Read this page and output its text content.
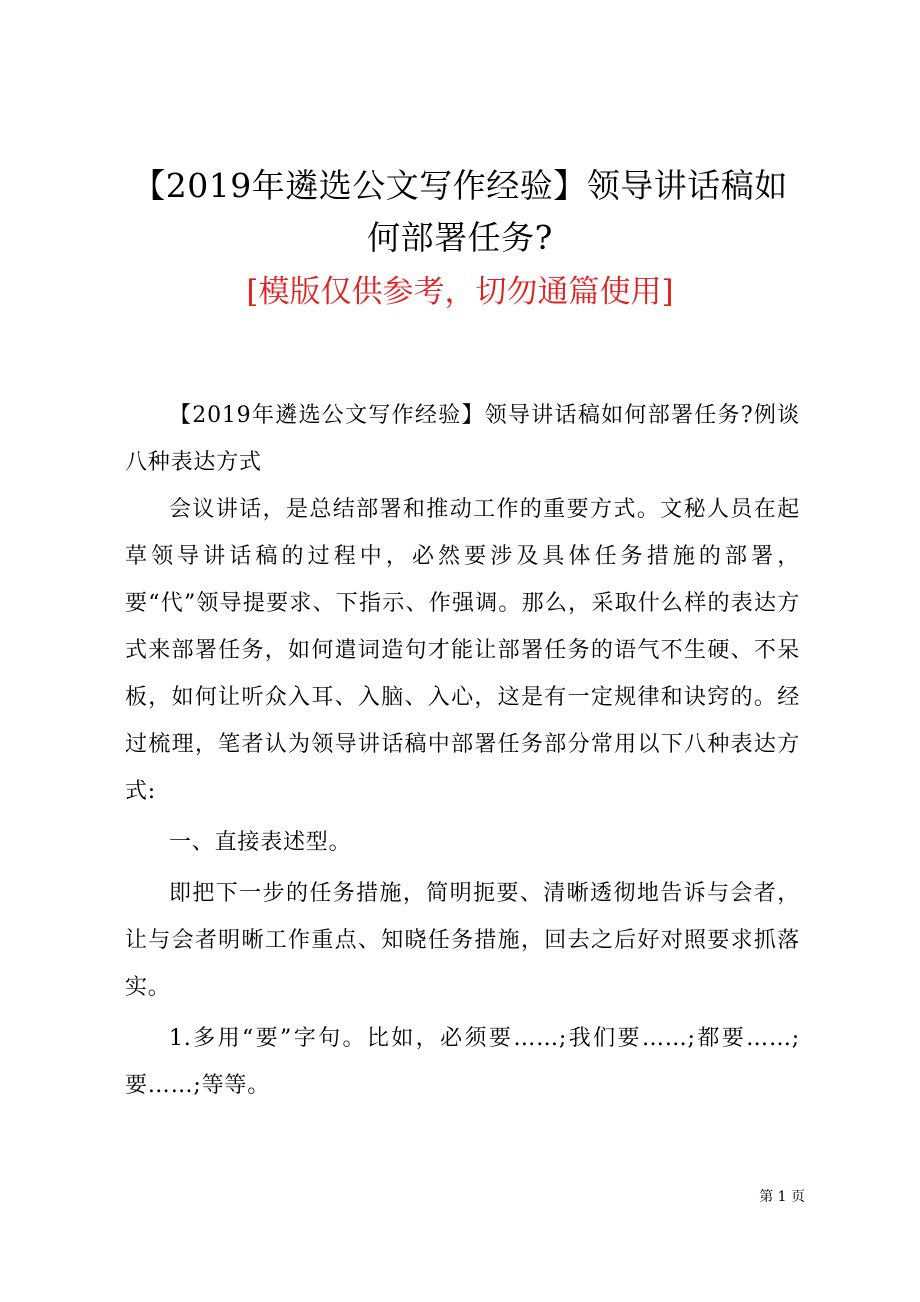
【2019年遴选公文写作经验】领导讲话稿如
何部署任务?
[模版仅供参考，切勿通篇使用]

【2019年遴选公文写作经验】领导讲话稿如何部署任务?例谈八种表达方式

会议讲话，是总结部署和推动工作的重要方式。文秘人员在起草领导讲话稿的过程中，必然要涉及具体任务措施的部署，要“代”领导提要求、下指示、作强调。那么，采取什么样的表达方式来部署任务，如何遣词造句才能让部署任务的语气不生硬、不呆板，如何让听众入耳、入脑、入心，这是有一定规律和诀窍的。经过梳理，笔者认为领导讲话稿中部署任务部分常用以下八种表达方式:

一、直接表述型。

即把下一步的任务措施，简明扼要、清晰透彻地告诉与会者，让与会者明晰工作重点、知晓任务措施，回去之后好对照要求抓落实。

1.多用“要”字句。比如，必须要……;我们要……;都要……;要……;等等。

第 1 页
